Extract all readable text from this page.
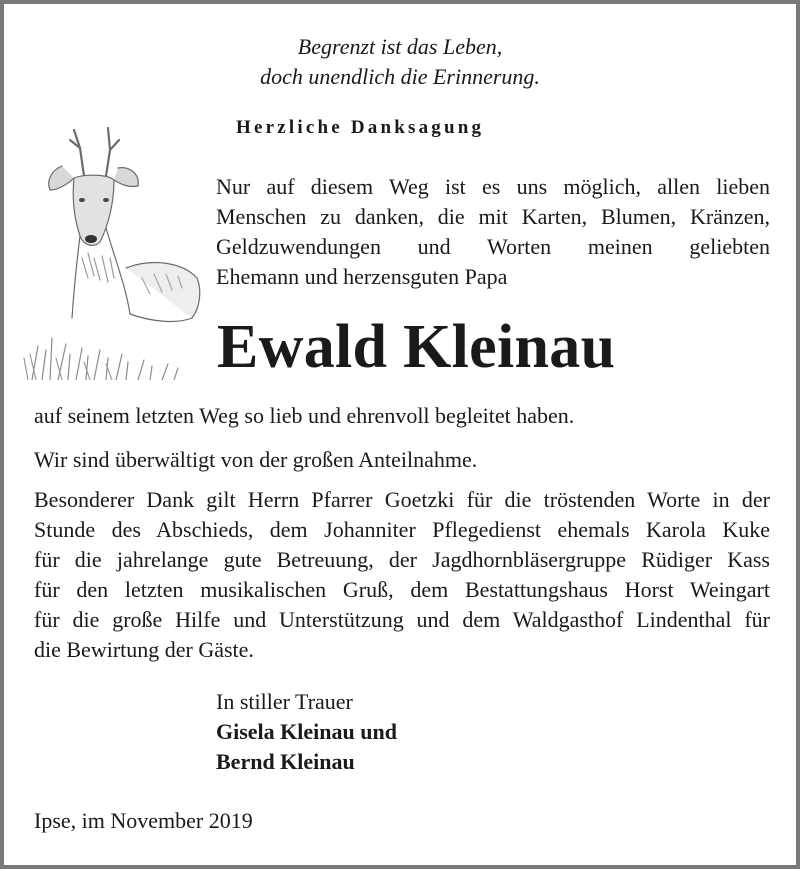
Begrenzt ist das Leben,
doch unendlich die Erinnerung.
Herzliche Danksagung
Nur auf diesem Weg ist es uns möglich, allen lieben
Menschen zu danken, die mit Karten, Blumen, Kränzen,
Geldzuwendungen und Worten meinen geliebten
Ehemann und herzensguten Papa
Ewald Kleinau
auf seinem letzten Weg so lieb und ehrenvoll begleitet haben.
Wir sind überwältigt von der großen Anteilnahme.
Besonderer Dank gilt Herrn Pfarrer Goetzki für die tröstenden Worte in der
Stunde des Abschieds, dem Johanniter Pflegedienst ehemals Karola Kuke
für die jahrelange gute Betreuung, der Jagdhornbläsergruppe Rüdiger Kass
für den letzten musikalischen Gruß, dem Bestattungshaus Horst Weingart
für die große Hilfe und Unterstützung und dem Waldgasthof Lindenthal für
die Bewirtung der Gäste.
In stiller Trauer
Gisela Kleinau und
Bernd Kleinau
Ipse, im November 2019
